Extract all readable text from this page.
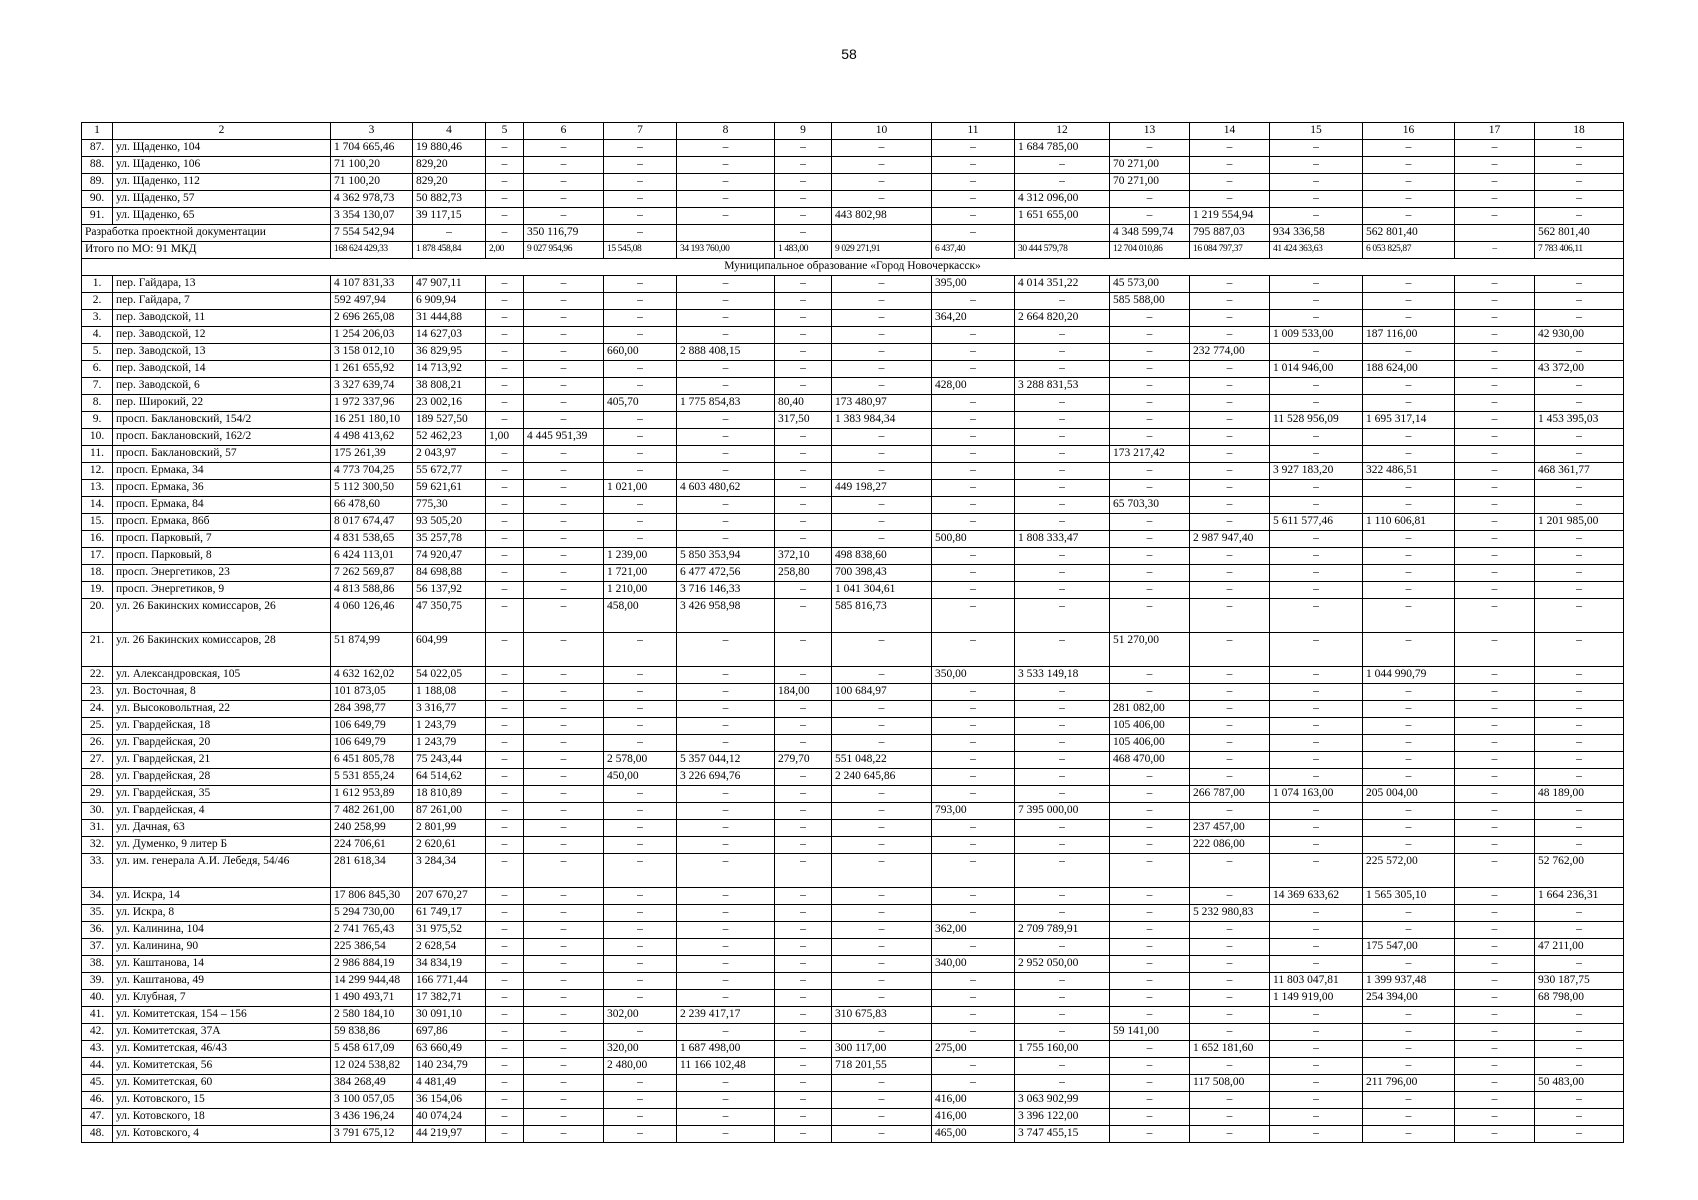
58
1	2	3	4	5	6	7	8	9	10	11	12	13	14	15	16	17	18
87.	ул. Щаденко, 104	1 704 665,46	19 880,46	–	–	–	–	–	–	–	1 684 785,00	–	–	–	–	–	–
88.	ул. Щаденко, 106	71 100,20	829,20	–	–	–	–	–	–	–	–	70 271,00	–	–	–	–	–
89.	ул. Щаденко, 112	71 100,20	829,20	–	–	–	–	–	–	–	–	70 271,00	–	–	–	–	–
90.	ул. Щаденко, 57	4 362 978,73	50 882,73	–	–	–	–	–	–	–	4 312 096,00	–	–	–	–	–	–
91.	ул. Щаденко, 65	3 354 130,07	39 117,15	–	–	–	–	–	443 802,98	–	1 651 655,00	–	1 219 554,94	–	–	–	–
Разработка проектной документации		7 554 542,94	–	–	350 116,79	–		–		–		4 348 599,74	795 887,03	934 336,58	562 801,40		562 801,40
Итого по МО: 91 МКД		168 624 429,33	1 878 458,84	2,00	9 027 954,96	15 545,08	34 193 760,00	1 483,00	9 029 271,91	6 437,40	30 444 579,78	12 704 010,86	16 084 797,37	41 424 363,63	6 053 825,87	–	7 783 406,11
Муниципальное образование «Город Новочеркасск»																	
1.	пер. Гайдара, 13	4 107 831,33	47 907,11	–	–	–	–	–	–	395,00	4 014 351,22	45 573,00	–	–	–	–	–
2.	пер. Гайдара, 7	592 497,94	6 909,94	–	–	–	–	–	–	–	–	585 588,00	–	–	–	–	–
3.	пер. Заводской, 11	2 696 265,08	31 444,88	–	–	–	–	–	–	364,20	2 664 820,20	–	–	–	–	–	–
4.	пер. Заводской, 12	1 254 206,03	14 627,03	–	–	–	–	–	–	–	–	–	–	1 009 533,00	187 116,00	–	42 930,00
5.	пер. Заводской, 13	3 158 012,10	36 829,95	–	–	660,00	2 888 408,15	–	–	–	–	–	232 774,00	–	–	–	–
6.	пер. Заводской, 14	1 261 655,92	14 713,92	–	–	–	–	–	–	–	–	–	–	1 014 946,00	188 624,00	–	43 372,00
7.	пер. Заводской, 6	3 327 639,74	38 808,21	–	–	–	–	–	–	428,00	3 288 831,53	–	–	–	–	–	–
8.	пер. Широкий, 22	1 972 337,96	23 002,16	–	–	405,70	1 775 854,83	80,40	173 480,97	–	–	–	–	–	–	–	–
9.	просп. Баклановский, 154/2	16 251 180,10	189 527,50	–	–	–	–	317,50	1 383 984,34	–	–	–	–	11 528 956,09	1 695 317,14	–	1 453 395,03
10.	просп. Баклановский, 162/2	4 498 413,62	52 462,23	1,00	4 445 951,39	–	–	–	–	–	–	–	–	–	–	–	–
11.	просп. Баклановский, 57	175 261,39	2 043,97	–	–	–	–	–	–	–	–	173 217,42	–	–	–	–	–
12.	просп. Ермака, 34	4 773 704,25	55 672,77	–	–	–	–	–	–	–	–	–	–	3 927 183,20	322 486,51	–	468 361,77
13.	просп. Ермака, 36	5 112 300,50	59 621,61	–	–	1 021,00	4 603 480,62	–	449 198,27	–	–	–	–	–	–	–	–
14.	просп. Ермака, 84	66 478,60	775,30	–	–	–	–	–	–	–	–	65 703,30	–	–	–	–	–
15.	просп. Ермака, 86б	8 017 674,47	93 505,20	–	–	–	–	–	–	–	–	–	–	5 611 577,46	1 110 606,81	–	1 201 985,00
16.	просп. Парковый, 7	4 831 538,65	35 257,78	–	–	–	–	–	–	500,80	1 808 333,47	–	2 987 947,40	–	–	–	–
17.	просп. Парковый, 8	6 424 113,01	74 920,47	–	–	1 239,00	5 850 353,94	372,10	498 838,60	–	–	–	–	–	–	–	–
18.	просп. Энергетиков, 23	7 262 569,87	84 698,88	–	–	1 721,00	6 477 472,56	258,80	700 398,43	–	–	–	–	–	–	–	–
19.	просп. Энергетиков, 9	4 813 588,86	56 137,92	–	–	1 210,00	3 716 146,33	–	1 041 304,61	–	–	–	–	–	–	–	–
20.	ул. 26 Бакинских комиссаров, 26	4 060 126,46	47 350,75	–	–	458,00	3 426 958,98	–	585 816,73	–	–	–	–	–	–	–	–
21.	ул. 26 Бакинских комиссаров, 28	51 874,99	604,99	–	–	–	–	–	–	–	–	51 270,00	–	–	–	–	–
22.	ул. Александровская, 105	4 632 162,02	54 022,05	–	–	–	–	–	–	350,00	3 533 149,18	–	–	–	1 044 990,79	–	–
23.	ул. Восточная, 8	101 873,05	1 188,08	–	–	–	–	184,00	100 684,97	–	–	–	–	–	–	–	–
24.	ул. Высоковольтная, 22	284 398,77	3 316,77	–	–	–	–	–	–	–	–	281 082,00	–	–	–	–	–
25.	ул. Гвардейская, 18	106 649,79	1 243,79	–	–	–	–	–	–	–	–	105 406,00	–	–	–	–	–
26.	ул. Гвардейская, 20	106 649,79	1 243,79	–	–	–	–	–	–	–	–	105 406,00	–	–	–	–	–
27.	ул. Гвардейская, 21	6 451 805,78	75 243,44	–	–	2 578,00	5 357 044,12	279,70	551 048,22	–	–	468 470,00	–	–	–	–	–
28.	ул. Гвардейская, 28	5 531 855,24	64 514,62	–	–	450,00	3 226 694,76	–	2 240 645,86	–	–	–	–	–	–	–	–
29.	ул. Гвардейская, 35	1 612 953,89	18 810,89	–	–	–	–	–	–	–	–	–	266 787,00	1 074 163,00	205 004,00	–	48 189,00
30.	ул. Гвардейская, 4	7 482 261,00	87 261,00	–	–	–	–	–	–	793,00	7 395 000,00	–	–	–	–	–	–
31.	ул. Дачная, 63	240 258,99	2 801,99	–	–	–	–	–	–	–	–	–	237 457,00	–	–	–	–
32.	ул. Думенко, 9 литер Б	224 706,61	2 620,61	–	–	–	–	–	–	–	–	–	222 086,00	–	–	–	–
33.	ул. им. генерала А.И. Лебедя, 54/46	281 618,34	3 284,34	–	–	–	–	–	–	–	–	–	–	–	225 572,00	–	52 762,00
34.	ул. Искра, 14	17 806 845,30	207 670,27	–	–	–	–	–	–	–	–	–	–	14 369 633,62	1 565 305,10	–	1 664 236,31
35.	ул. Искра, 8	5 294 730,00	61 749,17	–	–	–	–	–	–	–	–	–	5 232 980,83	–	–	–	–
36.	ул. Калинина, 104	2 741 765,43	31 975,52	–	–	–	–	–	–	362,00	2 709 789,91	–	–	–	–	–	–
37.	ул. Калинина, 90	225 386,54	2 628,54	–	–	–	–	–	–	–	–	–	–	–	175 547,00	–	47 211,00
38.	ул. Каштанова, 14	2 986 884,19	34 834,19	–	–	–	–	–	–	340,00	2 952 050,00	–	–	–	–	–	–
39.	ул. Каштанова, 49	14 299 944,48	166 771,44	–	–	–	–	–	–	–	–	–	–	11 803 047,81	1 399 937,48	–	930 187,75
40.	ул. Клубная, 7	1 490 493,71	17 382,71	–	–	–	–	–	–	–	–	–	–	1 149 919,00	254 394,00	–	68 798,00
41.	ул. Комитетская, 154 – 156	2 580 184,10	30 091,10	–	–	302,00	2 239 417,17	–	310 675,83	–	–	–	–	–	–	–	–
42.	ул. Комитетская, 37А	59 838,86	697,86	–	–	–	–	–	–	–	–	59 141,00	–	–	–	–	–
43.	ул. Комитетская, 46/43	5 458 617,09	63 660,49	–	–	320,00	1 687 498,00	–	300 117,00	275,00	1 755 160,00	–	1 652 181,60	–	–	–	–
44.	ул. Комитетская, 56	12 024 538,82	140 234,79	–	–	2 480,00	11 166 102,48	–	718 201,55	–	–	–	–	–	–	–	–
45.	ул. Комитетская, 60	384 268,49	4 481,49	–	–	–	–	–	–	–	–	–	117 508,00	–	211 796,00	–	50 483,00
46.	ул. Котовского, 15	3 100 057,05	36 154,06	–	–	–	–	–	–	416,00	3 063 902,99	–	–	–	–	–	–
47.	ул. Котовского, 18	3 436 196,24	40 074,24	–	–	–	–	–	–	416,00	3 396 122,00	–	–	–	–	–	–
48.	ул. Котовского, 4	3 791 675,12	44 219,97	–	–	–	–	–	–	465,00	3 747 455,15	–	–	–	–	–	–
